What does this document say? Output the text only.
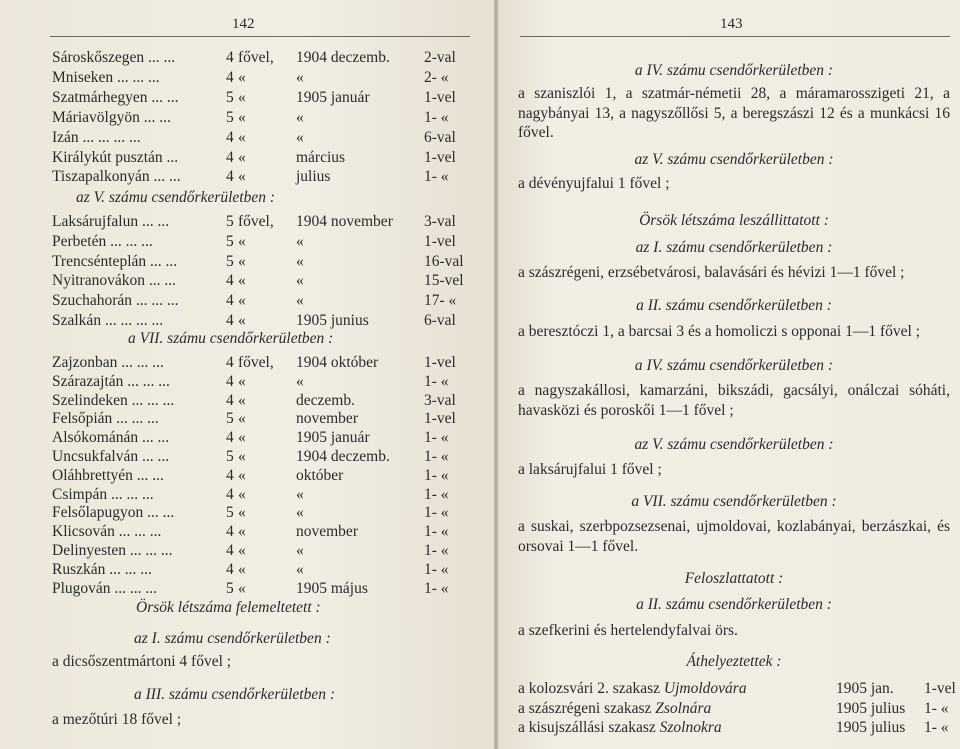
142
Sároskőszegen ... ...	4 fővel, 1904 deczemb. 2-val
Mniseken ... ... ...	4 «	«	2- «
Szatmárhegyen ... ...	5 «	1905 január	1-vel
Máriavölgyön ... ...	5 «	«	1- «
Izán ... ... ... ...	4 «	«	6-val
Királykút pusztán ...	4 «	március	1-vel
Tiszapalkonyán ... ...	4 «	julius	1- «
az V. számu csendőrkerületben :
Laksárujfalun ... ...	5 fővel, 1904 november 3-val
Perbetén ... ... ...	5 «	«	1-vel
Trencsénteplán ... ...	5 «	«	16-val
Nyitranovákon ... ...	4 «	«	15-vel
Szuchahorán ... ... ...	4 «	«	17- «
Szalkán ... ... ... ...	4 «	1905 junius	6-val
a VII. számu csendőrkerületben :
Zajzonban ... ... ...	4 fővel, 1904 október	1-vel
Szárazajtán ... ... ...	4 «	«	1- «
Szelindeken ... ... ...	4 «	deczemb.	3-val
Felsőpián ... ... ...	5 «	november	1-vel
Alsókománán ... ...	4 «	1905 január	1- «
Uncsukfalván ... ...	5 «	1904 deczemb. 1- «
Oláhbrettyén ... ...	4 «	október	1- «
Csimpán ... ... ...	4 «	«	1- «
Felsőlapugyon ... ...	5 «	«	1- «
Klicsován ... ... ...	4 «	november	1- «
Delinyesten ... ... ...	4 «	«	1- «
Ruszkán ... ... ...	4 «	«	1- «
Plugován ... ... ...	5 «	1905 május	1- «
Örsök létszáma felemeltetett :
az I. számu csendőrkerületben :
a dicsőszentmártoni 4 fővel ;
a III. számu csendőrkerületben :
a mezőtúri 18 fővel ;
143
a IV. számu csendőrkerületben :
a szaniszlói 1, a szatmár-németii 28, a máramarosszigeti 21, a nagybányai 13, a nagyszőllősi 5, a beregszászi 12 és a munkácsi 16 fővel.
az V. számu csendőrkerületben :
a dévényujfalui 1 fővel ;
Örsök létszáma leszállittatott :
az I. számu csendőrkerületben :
a szászrégeni, erzsébetvárosi, balavásári és hévizi 1—1 fővel ;
a II. számu csendőrkerületben :
a beresztóczi 1, a barcsai 3 és a homoliczi s opponai 1—1 fővel ;
a IV. számu csendőrkerületben :
a nagyszakállosi, kamarzáni, bikszádi, gacsályi, onálczai sóháti, havasközi és poroskői 1—1 fővel ;
az V. számu csendőrkerületben :
a laksárujfalui 1 fővel ;
a VII. számu csendőrkerületben :
a suskai, szerbpozsezsenai, ujmoldovai, kozlabányai, berzászkai, és orsovai 1—1 fővel.
Feloszlattatott :
a II. számu csendőrkerületben :
a szefkerini és hertelendyfalvai örs.
Áthelyeztettek :
a kolozsvári 2. szakasz Ujmoldovára	1905 jan. 1-vel
a szászrégeni szakasz Zsolnára	1905 julius 1- «
a kisujszállási szakasz Szolnokra	1905 julius 1- «
